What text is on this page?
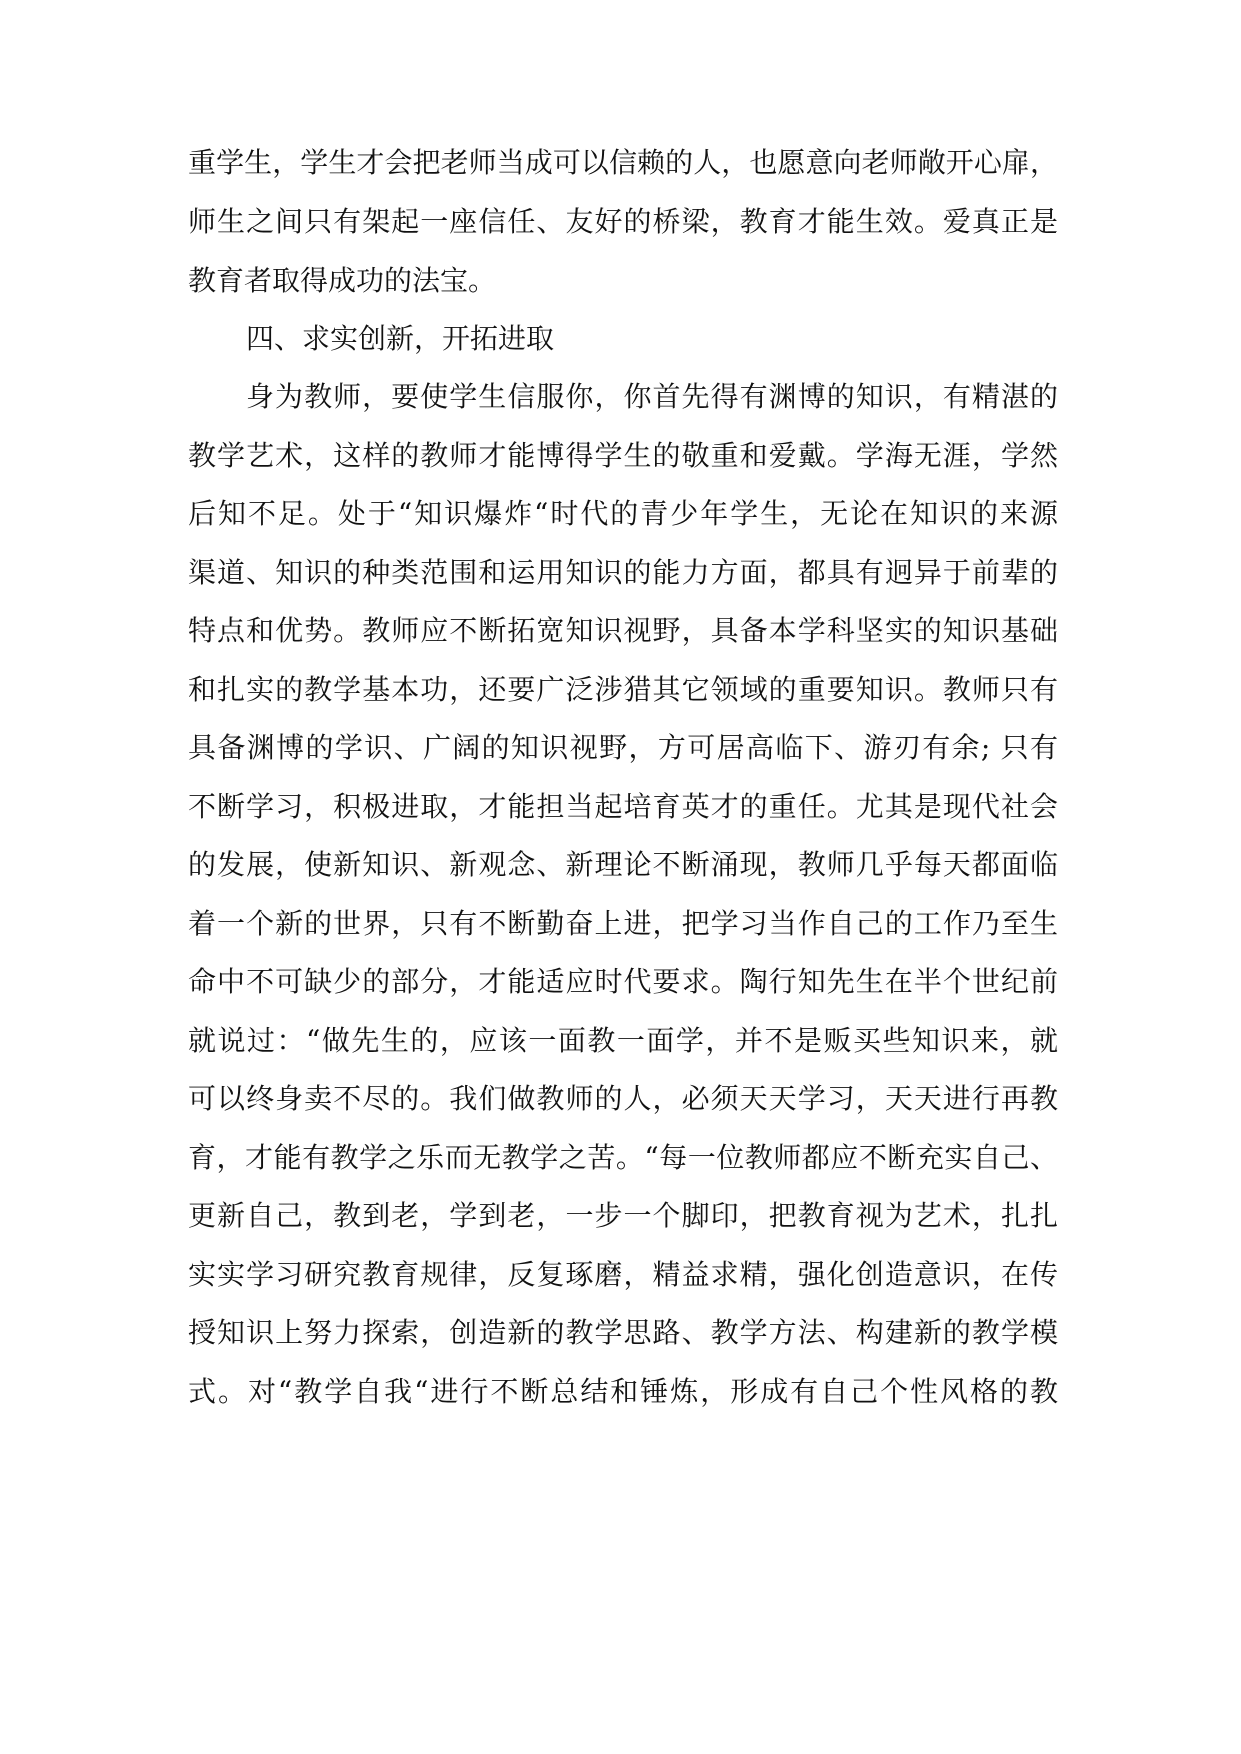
重学生，学生才会把老师当成可以信赖的人，也愿意向老师敞开心扉，
师生之间只有架起一座信任、友好的桥梁，教育才能生效。爱真正是
教育者取得成功的法宝。
四、求实创新，开拓进取
身为教师，要使学生信服你，你首先得有渊博的知识，有精湛的
教学艺术，这样的教师才能博得学生的敬重和爱戴。学海无涯，学然
后知不足。处于“知识爆炸“时代的青少年学生，无论在知识的来源
渠道、知识的种类范围和运用知识的能力方面，都具有迥异于前辈的
特点和优势。教师应不断拓宽知识视野，具备本学科坚实的知识基础
和扎实的教学基本功，还要广泛涉猎其它领域的重要知识。教师只有
具备渊博的学识、广阔的知识视野，方可居高临下、游刃有余; 只有
不断学习，积极进取，才能担当起培育英才的重任。尤其是现代社会
的发展，使新知识、新观念、新理论不断涌现，教师几乎每天都面临
着一个新的世界，只有不断勤奋上进，把学习当作自己的工作乃至生
命中不可缺少的部分，才能适应时代要求。陶行知先生在半个世纪前
就说过：“做先生的，应该一面教一面学，并不是贩买些知识来，就
可以终身卖不尽的。我们做教师的人，必须天天学习，天天进行再教
育，才能有教学之乐而无教学之苦。“每一位教师都应不断充实自己、
更新自己，教到老，学到老，一步一个脚印，把教育视为艺术，扎扎
实实学习研究教育规律，反复琢磨，精益求精，强化创造意识，在传
授知识上努力探索，创造新的教学思路、教学方法、构建新的教学模
式。对“教学自我“进行不断总结和锤炼，形成有自己个性风格的教
